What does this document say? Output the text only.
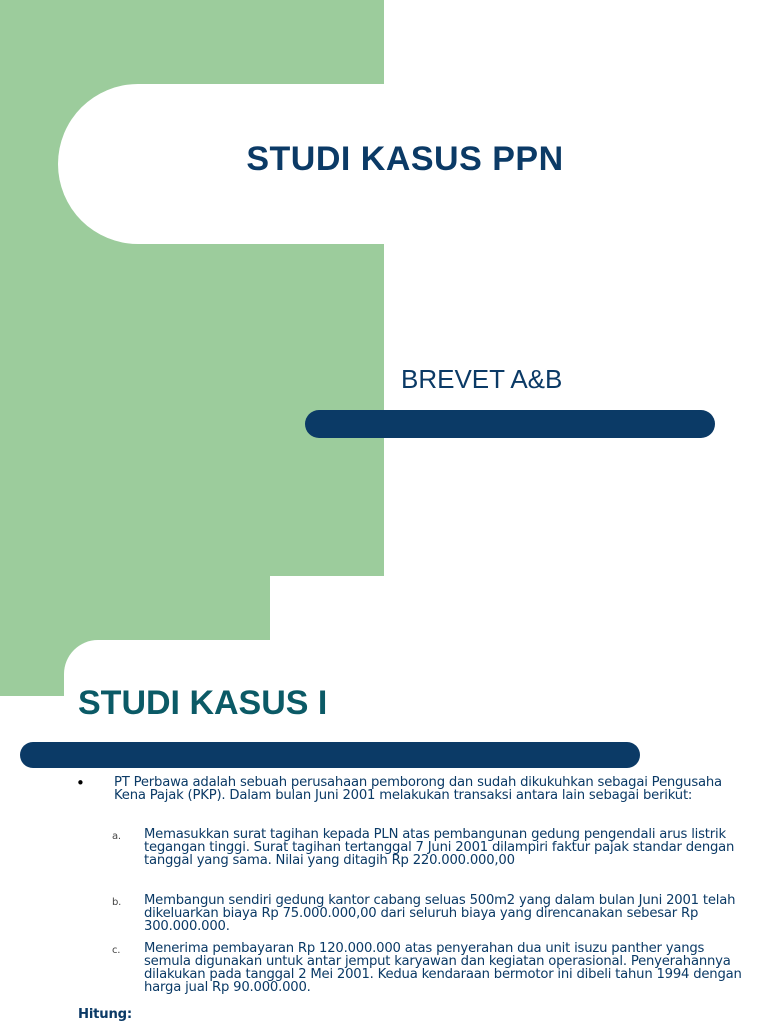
STUDI KASUS PPN
BREVET A&B
STUDI KASUS I
• PT Perbawa adalah sebuah perusahaan pemborong dan sudah dikukuhkan sebagai Pengusaha Kena Pajak (PKP). Dalam bulan Juni 2001 melakukan transaksi antara lain sebagai berikut:
a. Memasukkan surat tagihan kepada PLN atas pembangunan gedung pengendali arus listrik tegangan tinggi. Surat tagihan tertanggal 7 Juni 2001 dilampiri faktur pajak standar dengan tanggal yang sama. Nilai yang ditagih Rp 220.000.000,00
b. Membangun sendiri gedung kantor cabang seluas 500m2 yang dalam bulan Juni 2001 telah dikeluarkan biaya Rp 75.000.000,00 dari seluruh biaya yang direncanakan sebesar Rp 300.000.000.
c. Menerima pembayaran Rp 120.000.000 atas penyerahan dua unit isuzu panther yangs semula digunakan untuk antar jemput karyawan dan kegiatan operasional. Penyerahannya dilakukan pada tanggal 2 Mei 2001. Kedua kendaraan bermotor ini dibeli tahun 1994 dengan harga jual Rp 90.000.000.
Hitung:
